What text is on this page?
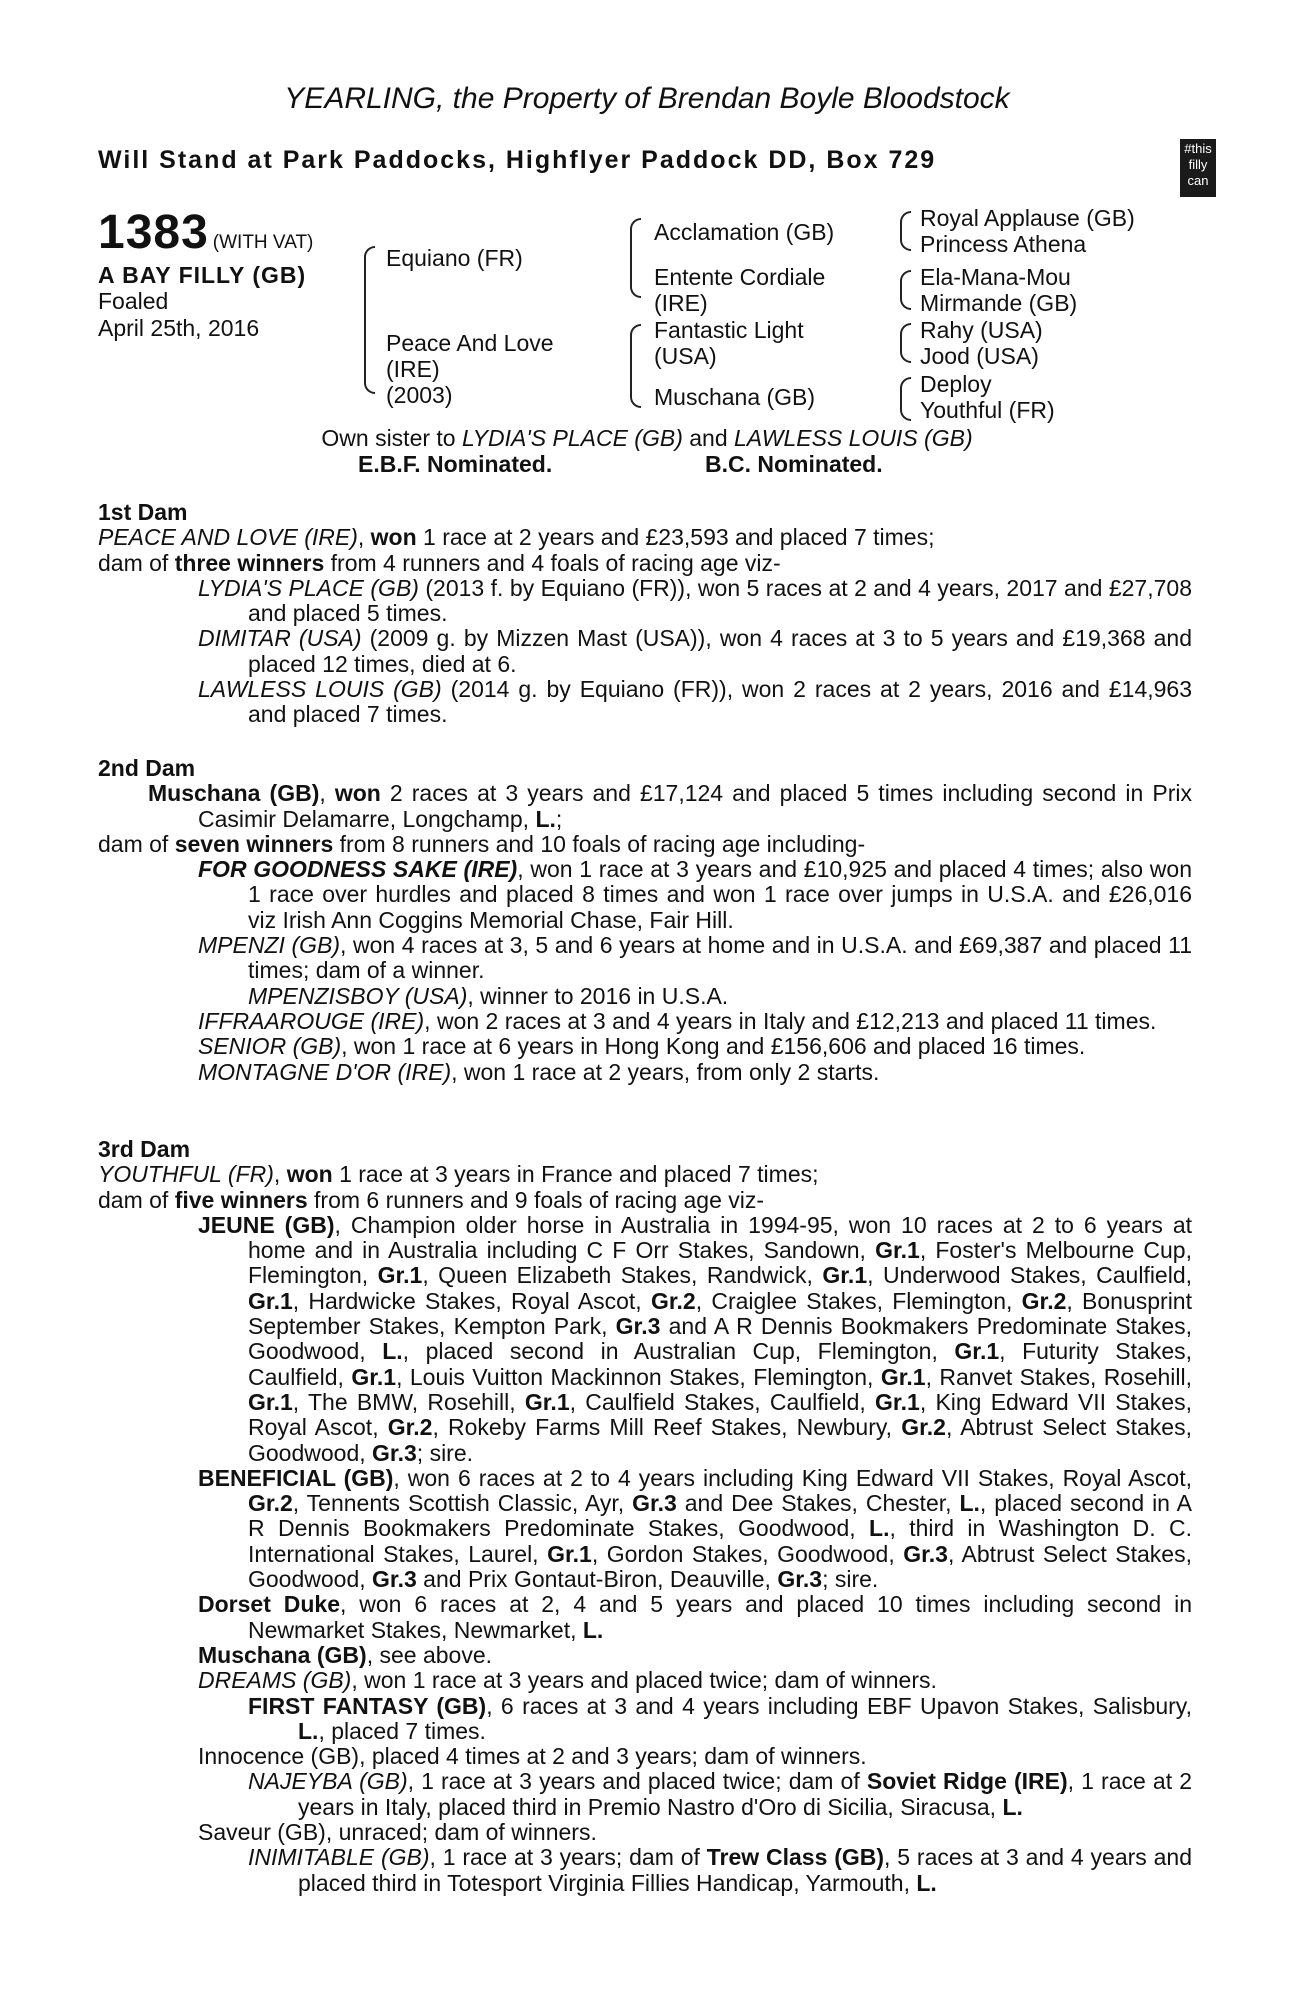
YEARLING, the Property of Brendan Boyle Bloodstock
Will Stand at Park Paddocks, Highflyer Paddock DD, Box 729	#this
filly
can
1383 (WITH VAT)
A BAY FILLY (GB)
Foaled
April 25th, 2016
Equiano (FR)
Peace And Love
(IRE)
(2003)
Acclamation (GB)
Entente Cordiale
(IRE)
Fantastic Light
(USA)
Muschana (GB)
Royal Applause (GB)
Princess Athena
Ela-Mana-Mou
Mirmande (GB)
Rahy (USA)
Jood (USA)
Deploy
Youthful (FR)
Own sister to LYDIA'S PLACE (GB) and LAWLESS LOUIS (GB)
E.B.F. Nominated.	B.C. Nominated.

1st Dam

PEACE AND LOVE (IRE), won 1 race at 2 years and £23,593 and placed 7 times;

dam of three winners from 4 runners and 4 foals of racing age viz-

LYDIA'S PLACE (GB) (2013 f. by Equiano (FR)), won 5 races at 2 and 4 years, 2017 and £27,708 and placed 5 times.

DIMITAR (USA) (2009 g. by Mizzen Mast (USA)), won 4 races at 3 to 5 years and £19,368 and placed 12 times, died at 6.

LAWLESS LOUIS (GB) (2014 g. by Equiano (FR)), won 2 races at 2 years, 2016 and £14,963 and placed 7 times.

2nd Dam

Muschana (GB), won 2 races at 3 years and £17,124 and placed 5 times including second in Prix Casimir Delamarre, Longchamp, L.;

dam of seven winners from 8 runners and 10 foals of racing age including-

FOR GOODNESS SAKE (IRE), won 1 race at 3 years and £10,925 and placed 4 times; also won 1 race over hurdles and placed 8 times and won 1 race over jumps in U.S.A. and £26,016 viz Irish Ann Coggins Memorial Chase, Fair Hill.

MPENZI (GB), won 4 races at 3, 5 and 6 years at home and in U.S.A. and £69,387 and placed 11 times; dam of a winner.

MPENZISBOY (USA), winner to 2016 in U.S.A.

IFFRAAROUGE (IRE), won 2 races at 3 and 4 years in Italy and £12,213 and placed 11 times.

SENIOR (GB), won 1 race at 6 years in Hong Kong and £156,606 and placed 16 times.

MONTAGNE D'OR (IRE), won 1 race at 2 years, from only 2 starts.

3rd Dam

YOUTHFUL (FR), won 1 race at 3 years in France and placed 7 times;

dam of five winners from 6 runners and 9 foals of racing age viz-

JEUNE (GB), Champion older horse in Australia in 1994-95, won 10 races at 2 to 6 years at home and in Australia including C F Orr Stakes, Sandown, Gr.1, Foster's Melbourne Cup, Flemington, Gr.1, Queen Elizabeth Stakes, Randwick, Gr.1, Underwood Stakes, Caulfield, Gr.1, Hardwicke Stakes, Royal Ascot, Gr.2, Craiglee Stakes, Flemington, Gr.2, Bonusprint September Stakes, Kempton Park, Gr.3 and A R Dennis Bookmakers Predominate Stakes, Goodwood, L., placed second in Australian Cup, Flemington, Gr.1, Futurity Stakes, Caulfield, Gr.1, Louis Vuitton Mackinnon Stakes, Flemington, Gr.1, Ranvet Stakes, Rosehill, Gr.1, The BMW, Rosehill, Gr.1, Caulfield Stakes, Caulfield, Gr.1, King Edward VII Stakes, Royal Ascot, Gr.2, Rokeby Farms Mill Reef Stakes, Newbury, Gr.2, Abtrust Select Stakes, Goodwood, Gr.3; sire.

BENEFICIAL (GB), won 6 races at 2 to 4 years including King Edward VII Stakes, Royal Ascot, Gr.2, Tennents Scottish Classic, Ayr, Gr.3 and Dee Stakes, Chester, L., placed second in A R Dennis Bookmakers Predominate Stakes, Goodwood, L., third in Washington D. C. International Stakes, Laurel, Gr.1, Gordon Stakes, Goodwood, Gr.3, Abtrust Select Stakes, Goodwood, Gr.3 and Prix Gontaut-Biron, Deauville, Gr.3; sire.

Dorset Duke, won 6 races at 2, 4 and 5 years and placed 10 times including second in Newmarket Stakes, Newmarket, L.

Muschana (GB), see above.

DREAMS (GB), won 1 race at 3 years and placed twice; dam of winners.

FIRST FANTASY (GB), 6 races at 3 and 4 years including EBF Upavon Stakes, Salisbury, L., placed 7 times.

Innocence (GB), placed 4 times at 2 and 3 years; dam of winners.

NAJEYBA (GB), 1 race at 3 years and placed twice; dam of Soviet Ridge (IRE), 1 race at 2 years in Italy, placed third in Premio Nastro d'Oro di Sicilia, Siracusa, L.

Saveur (GB), unraced; dam of winners.

INIMITABLE (GB), 1 race at 3 years; dam of Trew Class (GB), 5 races at 3 and 4 years and placed third in Totesport Virginia Fillies Handicap, Yarmouth, L.
